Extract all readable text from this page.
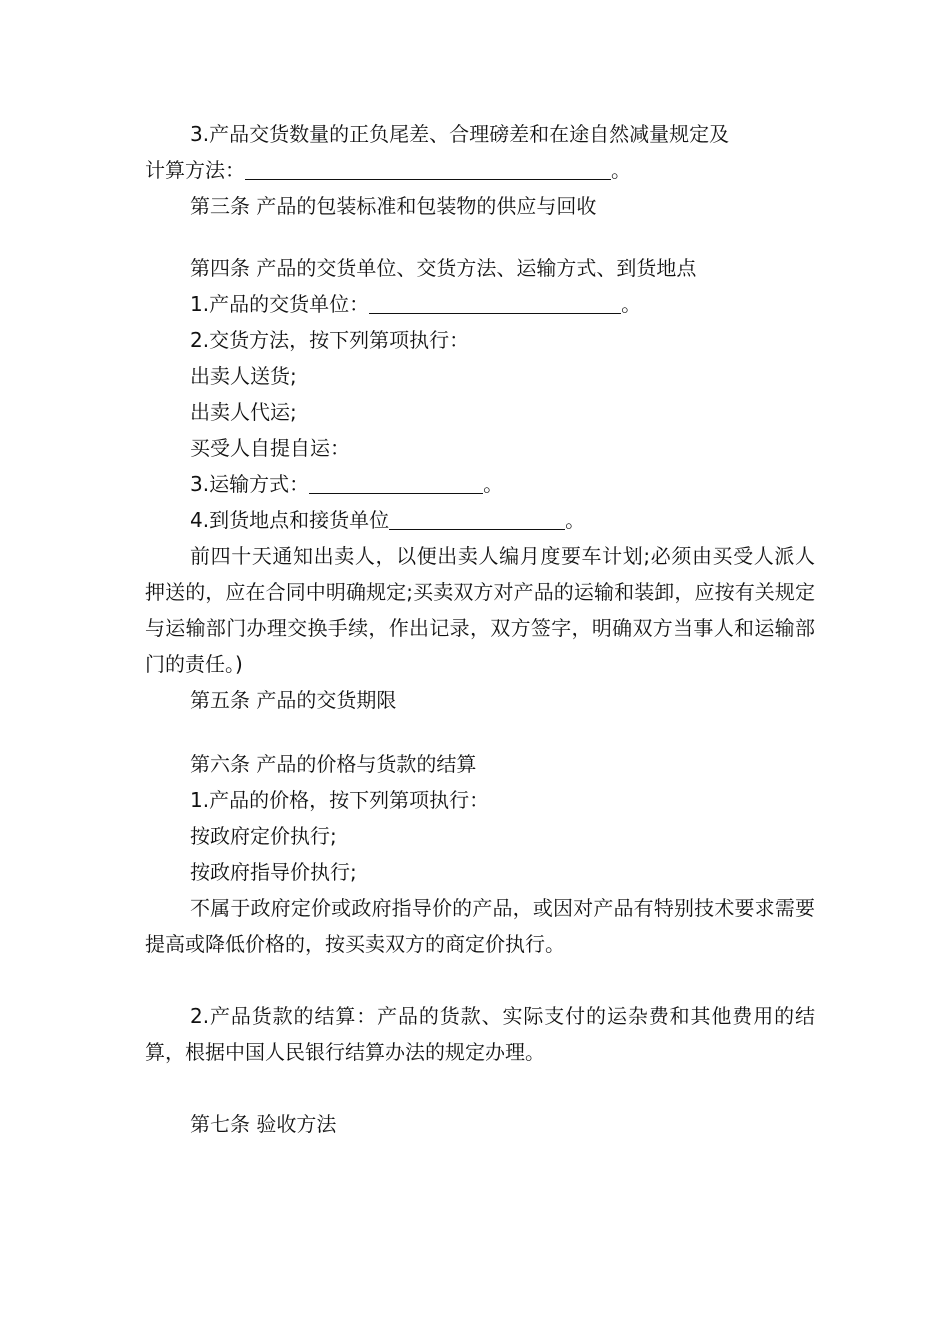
3.产品交货数量的正负尾差、合理磅差和在途自然减量规定及

计算方法：	。

第三条 产品的包装标准和包装物的供应与回收

第四条 产品的交货单位、交货方法、运输方式、到货地点

1.产品的交货单位：	。

2.交货方法，按下列第项执行：

出卖人送货;

出卖人代运;

买受人自提自运：

3.运输方式：	。

4.到货地点和接货单位	。

前四十天通知出卖人，以便出卖人编月度要车计划;必须由买受人派人押送的，应在合同中明确规定;买卖双方对产品的运输和装卸，应按有关规定与运输部门办理交换手续，作出记录，双方签字，明确双方当事人和运输部门的责任。)

第五条 产品的交货期限

第六条 产品的价格与货款的结算

1.产品的价格，按下列第项执行：

按政府定价执行;

按政府指导价执行;

不属于政府定价或政府指导价的产品，或因对产品有特别技术要求需要提高或降低价格的，按买卖双方的商定价执行。

2.产品货款的结算：产品的货款、实际支付的运杂费和其他费用的结算，根据中国人民银行结算办法的规定办理。

第七条 验收方法
